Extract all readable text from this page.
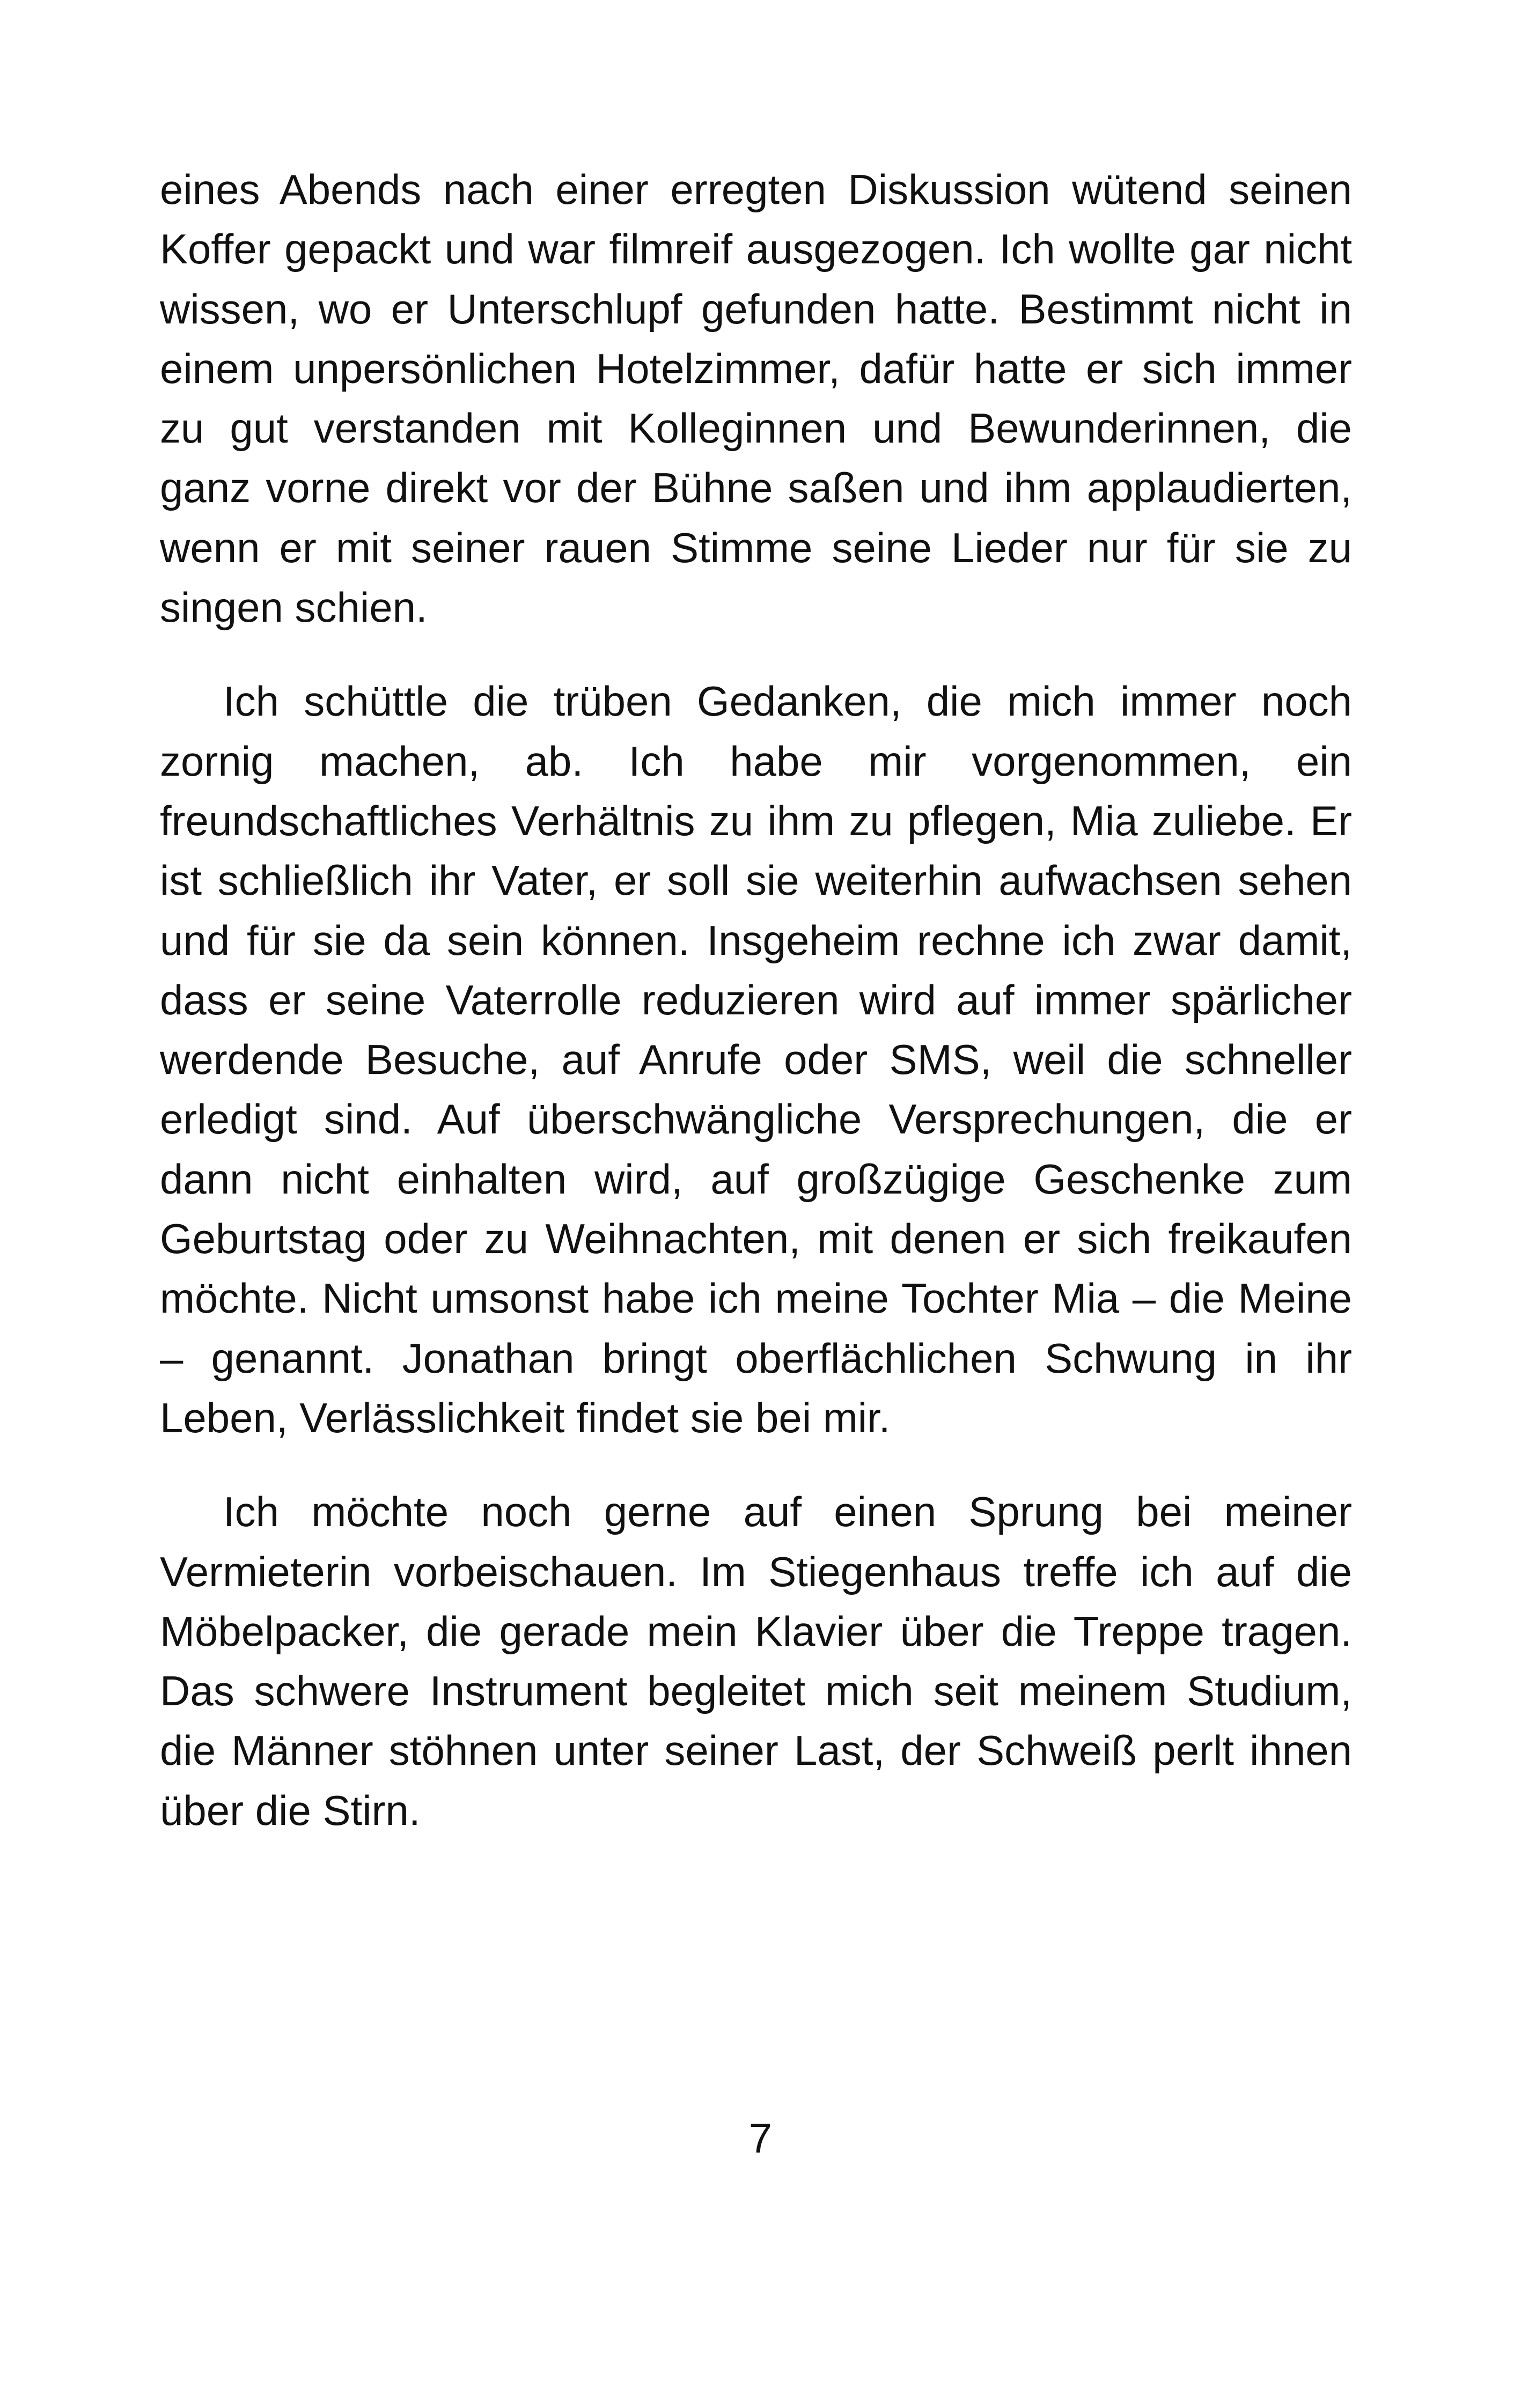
eines Abends nach einer erregten Diskussion wütend seinen Koffer gepackt und war filmreif ausgezogen. Ich wollte gar nicht wissen, wo er Unterschlupf gefunden hatte. Bestimmt nicht in einem unpersönlichen Hotelzimmer, dafür hatte er sich immer zu gut verstanden mit Kolleginnen und Bewunderinnen, die ganz vorne direkt vor der Bühne saßen und ihm applaudierten, wenn er mit seiner rauen Stimme seine Lieder nur für sie zu singen schien.

Ich schüttle die trüben Gedanken, die mich immer noch zornig machen, ab. Ich habe mir vorgenommen, ein freundschaftliches Verhältnis zu ihm zu pflegen, Mia zuliebe. Er ist schließlich ihr Vater, er soll sie weiterhin aufwachsen sehen und für sie da sein können. Insgeheim rechne ich zwar damit, dass er seine Vaterrolle reduzieren wird auf immer spärlicher werdende Besuche, auf Anrufe oder SMS, weil die schneller erledigt sind. Auf überschwängliche Versprechungen, die er dann nicht einhalten wird, auf großzügige Geschenke zum Geburtstag oder zu Weihnachten, mit denen er sich freikaufen möchte. Nicht umsonst habe ich meine Tochter Mia – die Meine – genannt. Jonathan bringt oberflächlichen Schwung in ihr Leben, Verlässlichkeit findet sie bei mir.

Ich möchte noch gerne auf einen Sprung bei meiner Vermieterin vorbeischauen. Im Stiegenhaus treffe ich auf die Möbelpacker, die gerade mein Klavier über die Treppe tragen. Das schwere Instrument begleitet mich seit meinem Studium, die Männer stöhnen unter seiner Last, der Schweiß perlt ihnen über die Stirn.

7
